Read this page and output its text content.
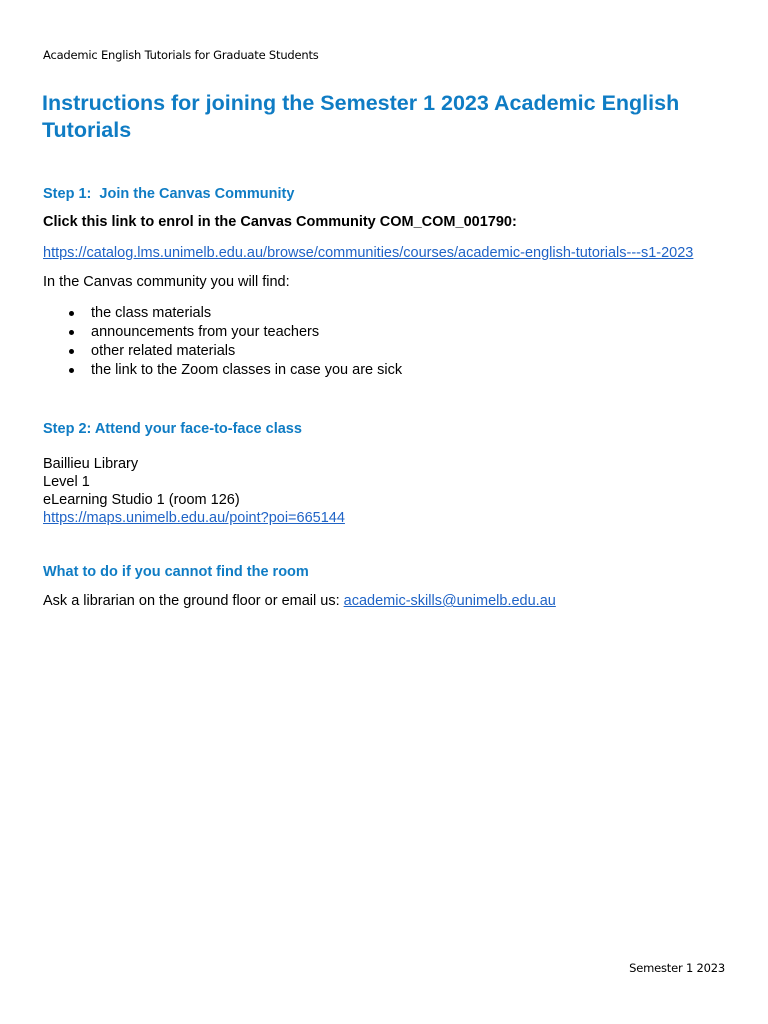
Academic English Tutorials for Graduate Students
Instructions for joining the Semester 1 2023 Academic English Tutorials
Step 1:  Join the Canvas Community

Click this link to enrol in the Canvas Community COM_COM_001790:

https://catalog.lms.unimelb.edu.au/browse/communities/courses/academic-english-tutorials---s1-2023

In the Canvas community you will find:

the class materials
announcements from your teachers
other related materials
the link to the Zoom classes in case you are sick
Step 2: Attend your face-to-face class
Baillieu Library
Level 1
eLearning Studio 1 (room 126)
https://maps.unimelb.edu.au/point?poi=665144
What to do if you cannot find the room

Ask a librarian on the ground floor or email us: academic-skills@unimelb.edu.au

Semester 1 2023
